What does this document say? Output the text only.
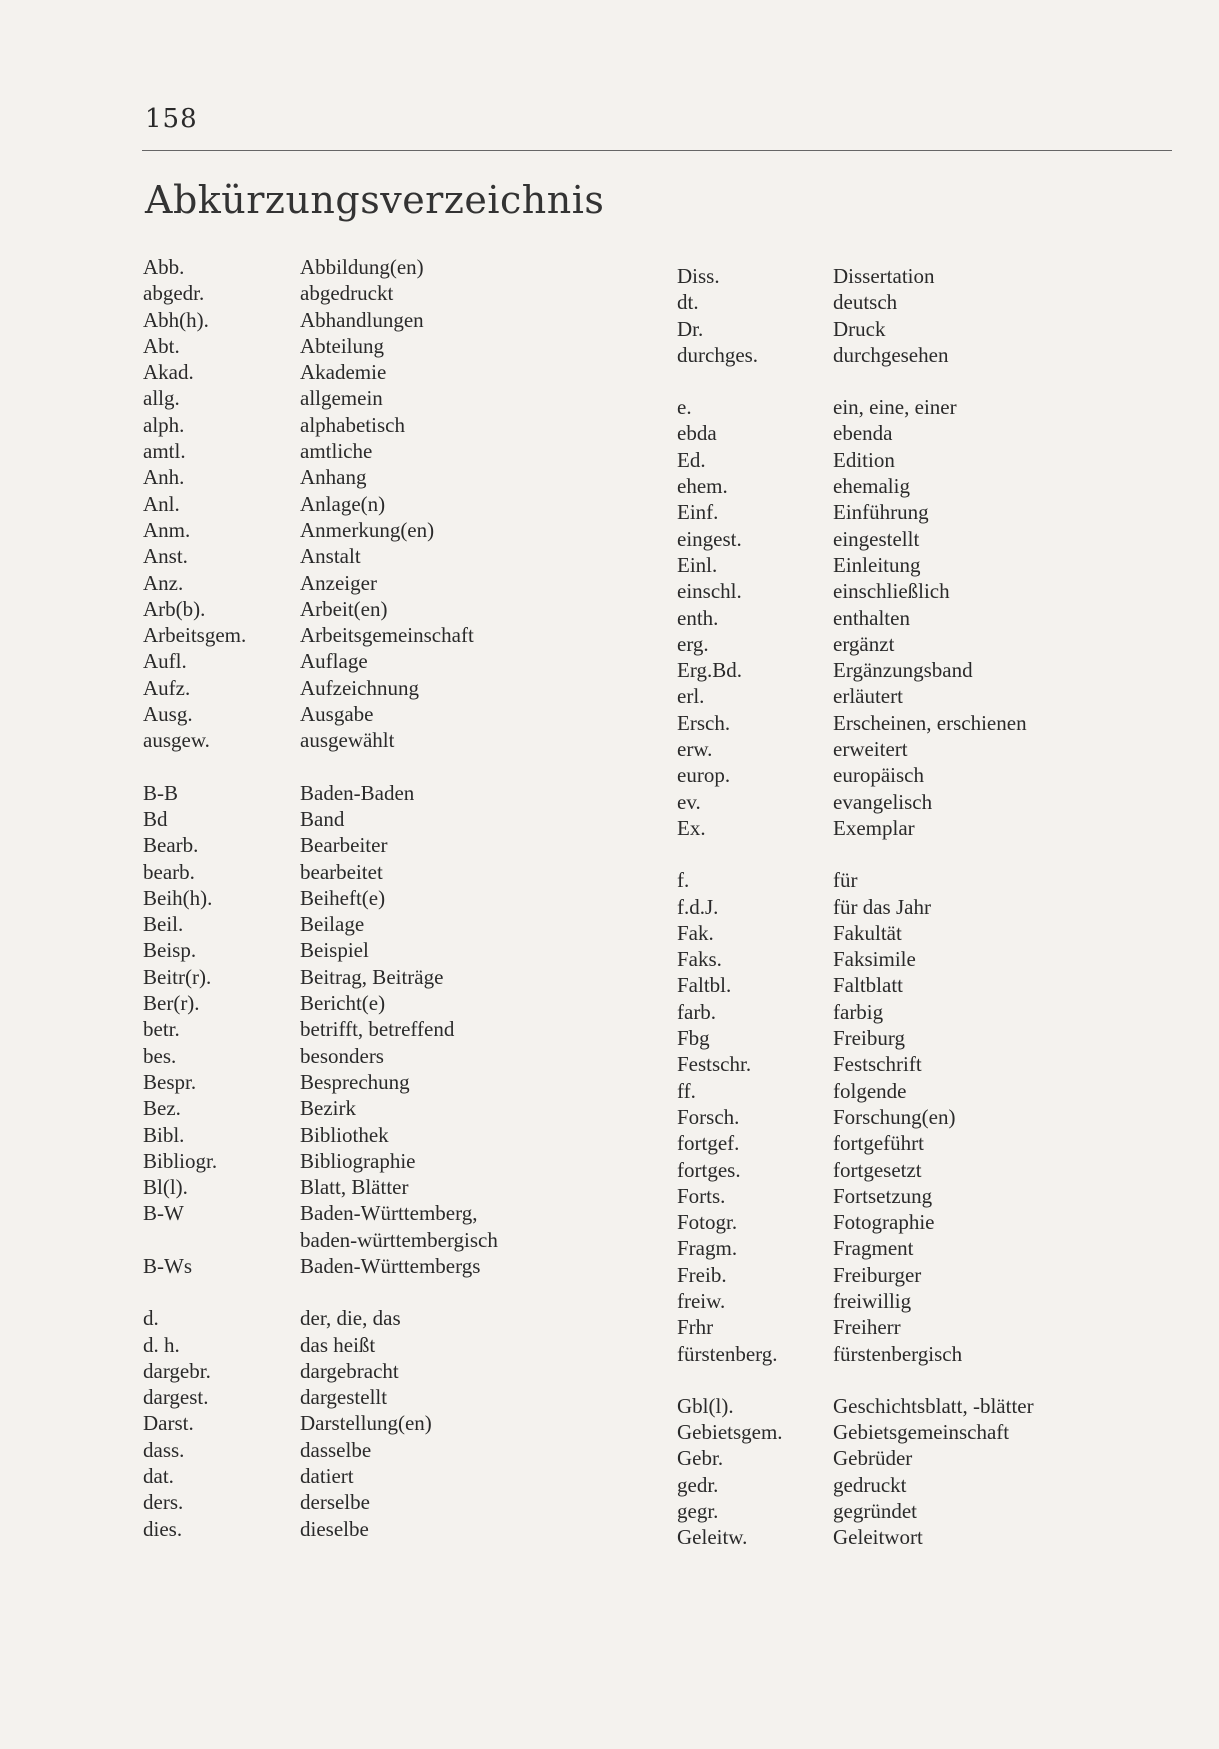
158
Abkürzungsverzeichnis
Abb.	Abbildung(en)
abgedr.	abgedruckt
Abh(h).	Abhandlungen
Abt.	Abteilung
Akad.	Akademie
allg.	allgemein
alph.	alphabetisch
amtl.	amtliche
Anh.	Anhang
Anl.	Anlage(n)
Anm.	Anmerkung(en)
Anst.	Anstalt
Anz.	Anzeiger
Arb(b).	Arbeit(en)
Arbeitsgem.	Arbeitsgemeinschaft
Aufl.	Auflage
Aufz.	Aufzeichnung
Ausg.	Ausgabe
ausgew.	ausgewählt
B-B	Baden-Baden
Bd	Band
Bearb.	Bearbeiter
bearb.	bearbeitet
Beih(h).	Beiheft(e)
Beil.	Beilage
Beisp.	Beispiel
Beitr(r).	Beitrag, Beiträge
Ber(r).	Bericht(e)
betr.	betrifft, betreffend
bes.	besonders
Bespr.	Besprechung
Bez.	Bezirk
Bibl.	Bibliothek
Bibliogr.	Bibliographie
Bl(l).	Blatt, Blätter
B-W	Baden-Württemberg,
baden-württembergisch
B-Ws	Baden-Württembergs
d.	der, die, das
d. h.	das heißt
dargebr.	dargebracht
dargest.	dargestellt
Darst.	Darstellung(en)
dass.	dasselbe
dat.	datiert
ders.	derselbe
dies.	dieselbe
Diss.	Dissertation
dt.	deutsch
Dr.	Druck
durchges.	durchgesehen
e.	ein, eine, einer
ebda	ebenda
Ed.	Edition
ehem.	ehemalig
Einf.	Einführung
eingest.	eingestellt
Einl.	Einleitung
einschl.	einschließlich
enth.	enthalten
erg.	ergänzt
Erg.Bd.	Ergänzungsband
erl.	erläutert
Ersch.	Erscheinen, erschienen
erw.	erweitert
europ.	europäisch
ev.	evangelisch
Ex.	Exemplar
f.	für
f.d.J.	für das Jahr
Fak.	Fakultät
Faks.	Faksimile
Faltbl.	Faltblatt
farb.	farbig
Fbg	Freiburg
Festschr.	Festschrift
ff.	folgende
Forsch.	Forschung(en)
fortgef.	fortgeführt
fortges.	fortgesetzt
Forts.	Fortsetzung
Fotogr.	Fotographie
Fragm.	Fragment
Freib.	Freiburger
freiw.	freiwillig
Frhr	Freiherr
fürstenberg.	fürstenbergisch
Gbl(l).	Geschichtsblatt, -blätter
Gebietsgem.	Gebietsgemeinschaft
Gebr.	Gebrüder
gedr.	gedruckt
gegr.	gegründet
Geleitw.	Geleitwort
